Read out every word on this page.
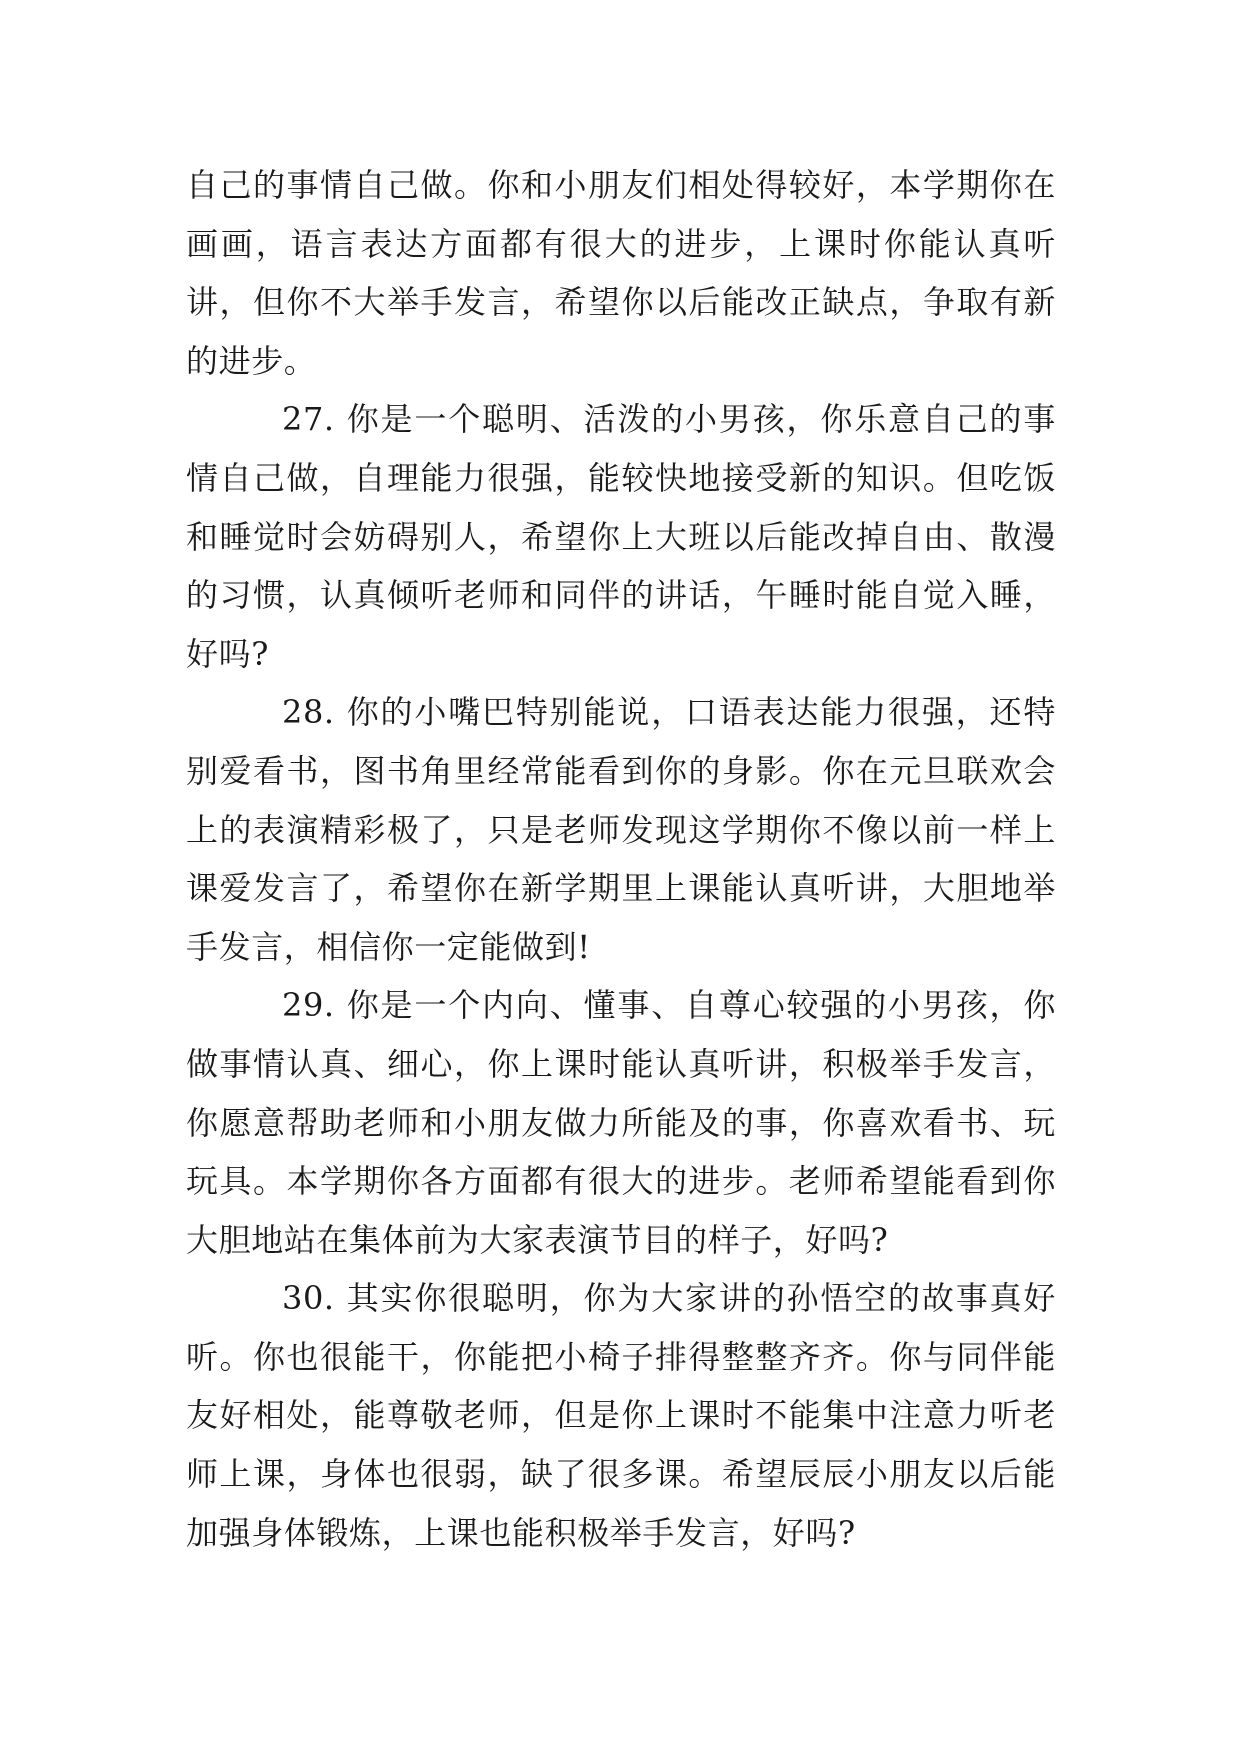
自己的事情自己做。你和小朋友们相处得较好，本学期你在画画，语言表达方面都有很大的进步，上课时你能认真听讲，但你不大举手发言，希望你以后能改正缺点，争取有新的进步。

27. 你是一个聪明、活泼的小男孩，你乐意自己的事情自己做，自理能力很强，能较快地接受新的知识。但吃饭和睡觉时会妨碍别人，希望你上大班以后能改掉自由、散漫的习惯，认真倾听老师和同伴的讲话，午睡时能自觉入睡，好吗?

28. 你的小嘴巴特别能说，口语表达能力很强，还特别爱看书，图书角里经常能看到你的身影。你在元旦联欢会上的表演精彩极了，只是老师发现这学期你不像以前一样上课爱发言了，希望你在新学期里上课能认真听讲，大胆地举手发言，相信你一定能做到!

29. 你是一个内向、懂事、自尊心较强的小男孩，你做事情认真、细心，你上课时能认真听讲，积极举手发言，你愿意帮助老师和小朋友做力所能及的事，你喜欢看书、玩玩具。本学期你各方面都有很大的进步。老师希望能看到你大胆地站在集体前为大家表演节目的样子，好吗?

30. 其实你很聪明，你为大家讲的孙悟空的故事真好听。你也很能干，你能把小椅子排得整整齐齐。你与同伴能友好相处，能尊敬老师，但是你上课时不能集中注意力听老师上课，身体也很弱，缺了很多课。希望辰辰小朋友以后能加强身体锻炼，上课也能积极举手发言，好吗?
